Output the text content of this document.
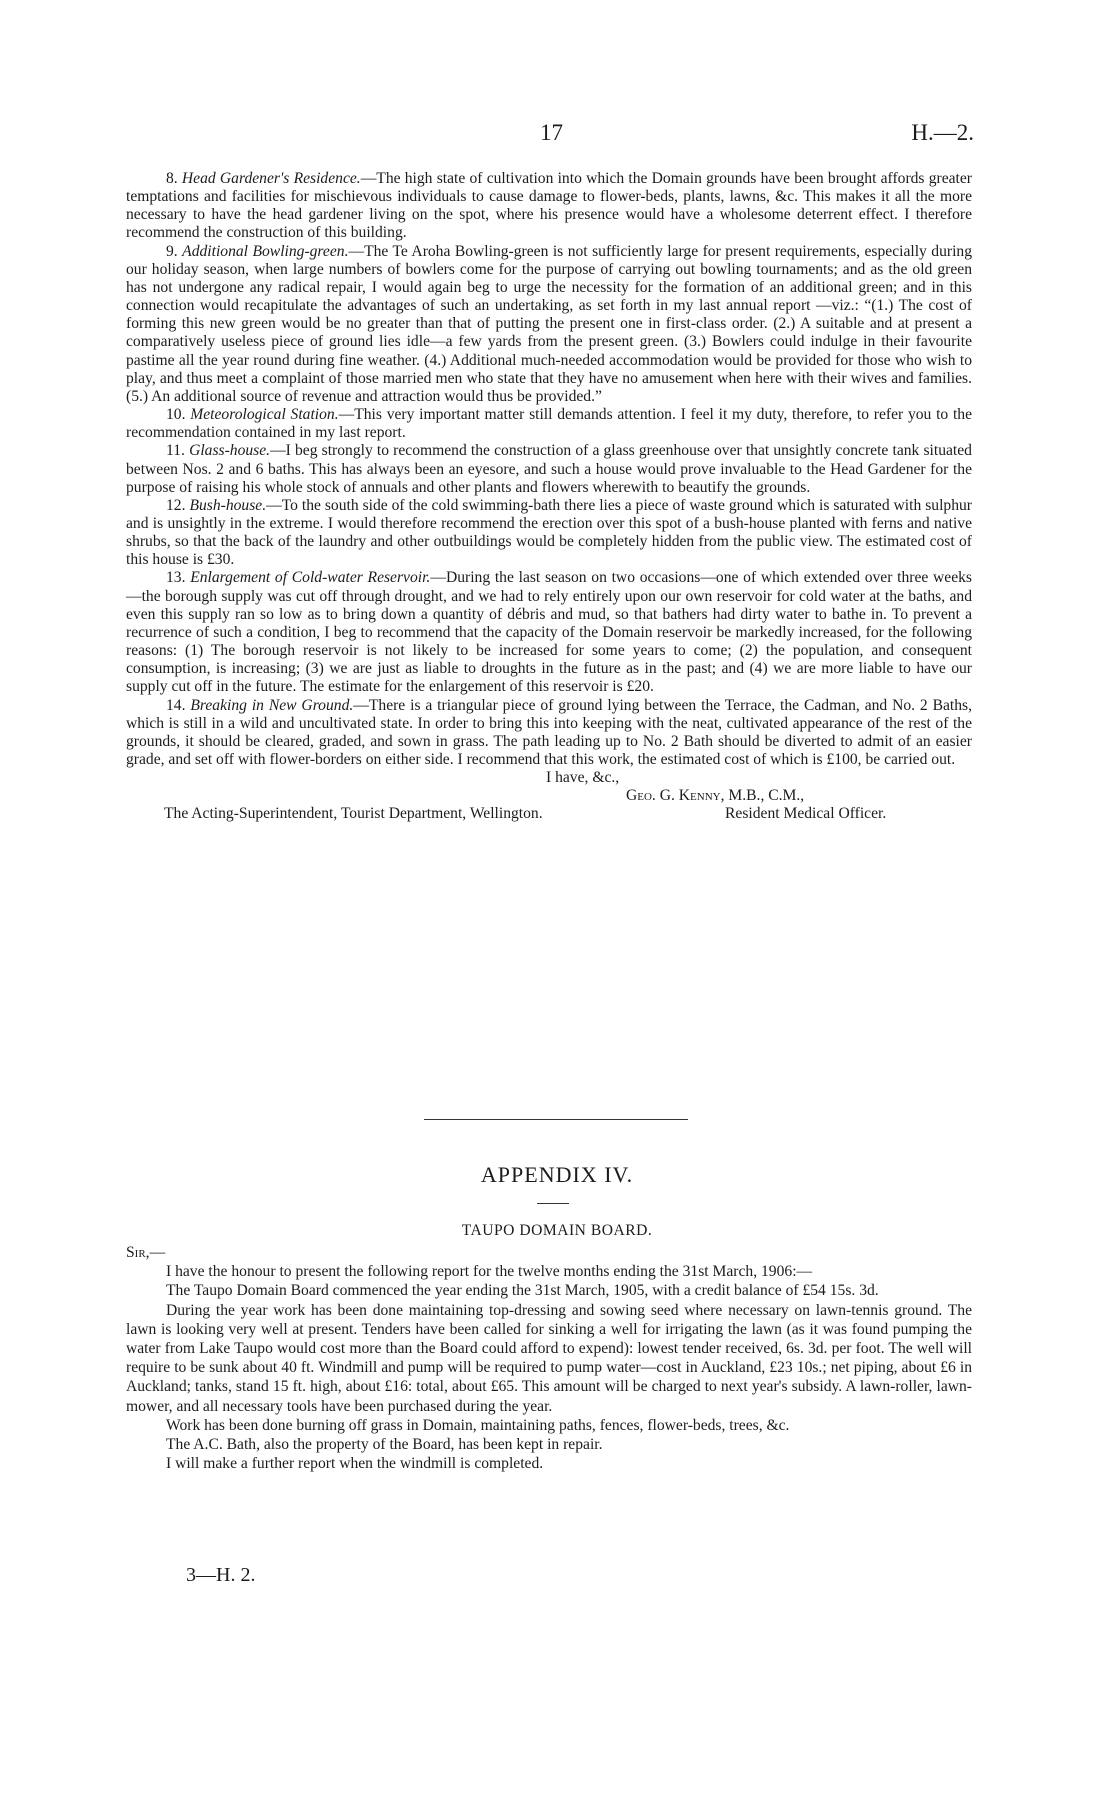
17	H.—2.

8. Head Gardener's Residence.—The high state of cultivation into which the Domain grounds have been brought affords greater temptations and facilities for mischievous individuals to cause damage to flower-beds, plants, lawns, &c. This makes it all the more necessary to have the head gardener living on the spot, where his presence would have a wholesome deterrent effect. I therefore recommend the construction of this building.

9. Additional Bowling-green.—The Te Aroha Bowling-green is not sufficiently large for present requirements, especially during our holiday season, when large numbers of bowlers come for the purpose of carrying out bowling tournaments; and as the old green has not undergone any radical repair, I would again beg to urge the necessity for the formation of an additional green; and in this connection would recapitulate the advantages of such an undertaking, as set forth in my last annual report —viz.: “(1.) The cost of forming this new green would be no greater than that of putting the present one in first-class order. (2.) A suitable and at present a comparatively useless piece of ground lies idle—a few yards from the present green. (3.) Bowlers could indulge in their favourite pastime all the year round during fine weather. (4.) Additional much-needed accommodation would be provided for those who wish to play, and thus meet a complaint of those married men who state that they have no amusement when here with their wives and families. (5.) An additional source of revenue and attraction would thus be provided.”

10. Meteorological Station.—This very important matter still demands attention. I feel it my duty, therefore, to refer you to the recommendation contained in my last report.

11. Glass-house.—I beg strongly to recommend the construction of a glass greenhouse over that unsightly concrete tank situated between Nos. 2 and 6 baths. This has always been an eyesore, and such a house would prove invaluable to the Head Gardener for the purpose of raising his whole stock of annuals and other plants and flowers wherewith to beautify the grounds.

12. Bush-house.—To the south side of the cold swimming-bath there lies a piece of waste ground which is saturated with sulphur and is unsightly in the extreme. I would therefore recommend the erection over this spot of a bush-house planted with ferns and native shrubs, so that the back of the laundry and other outbuildings would be completely hidden from the public view. The estimated cost of this house is £30.

13. Enlargement of Cold-water Reservoir.—During the last season on two occasions—one of which extended over three weeks—the borough supply was cut off through drought, and we had to rely entirely upon our own reservoir for cold water at the baths, and even this supply ran so low as to bring down a quantity of débris and mud, so that bathers had dirty water to bathe in. To prevent a recurrence of such a condition, I beg to recommend that the capacity of the Domain reservoir be markedly increased, for the following reasons: (1) The borough reservoir is not likely to be increased for some years to come; (2) the population, and consequent consumption, is increasing; (3) we are just as liable to droughts in the future as in the past; and (4) we are more liable to have our supply cut off in the future. The estimate for the enlargement of this reservoir is £20.

14. Breaking in New Ground.—There is a triangular piece of ground lying between the Terrace, the Cadman, and No. 2 Baths, which is still in a wild and uncultivated state. In order to bring this into keeping with the neat, cultivated appearance of the rest of the grounds, it should be cleared, graded, and sown in grass. The path leading up to No. 2 Bath should be diverted to admit of an easier grade, and set off with flower-borders on either side. I recommend that this work, the estimated cost of which is £100, be carried out.

I have, &c.,
Geo. G. Kenny, M.B., C.M.,
The Acting-Superintendent, Tourist Department, Wellington.	Resident Medical Officer.
APPENDIX IV.
TAUPO DOMAIN BOARD.

Sir,—

I have the honour to present the following report for the twelve months ending the 31st March, 1906:—

The Taupo Domain Board commenced the year ending the 31st March, 1905, with a credit balance of £54 15s. 3d.

During the year work has been done maintaining top-dressing and sowing seed where necessary on lawn-tennis ground. The lawn is looking very well at present. Tenders have been called for sinking a well for irrigating the lawn (as it was found pumping the water from Lake Taupo would cost more than the Board could afford to expend): lowest tender received, 6s. 3d. per foot. The well will require to be sunk about 40 ft. Windmill and pump will be required to pump water—cost in Auckland, £23 10s.; net piping, about £6 in Auckland; tanks, stand 15 ft. high, about £16: total, about £65. This amount will be charged to next year's subsidy. A lawn-roller, lawn-mower, and all necessary tools have been purchased during the year.

Work has been done burning off grass in Domain, maintaining paths, fences, flower-beds, trees, &c.

The A.C. Bath, also the property of the Board, has been kept in repair.

I will make a further report when the windmill is completed.

3—H. 2.
